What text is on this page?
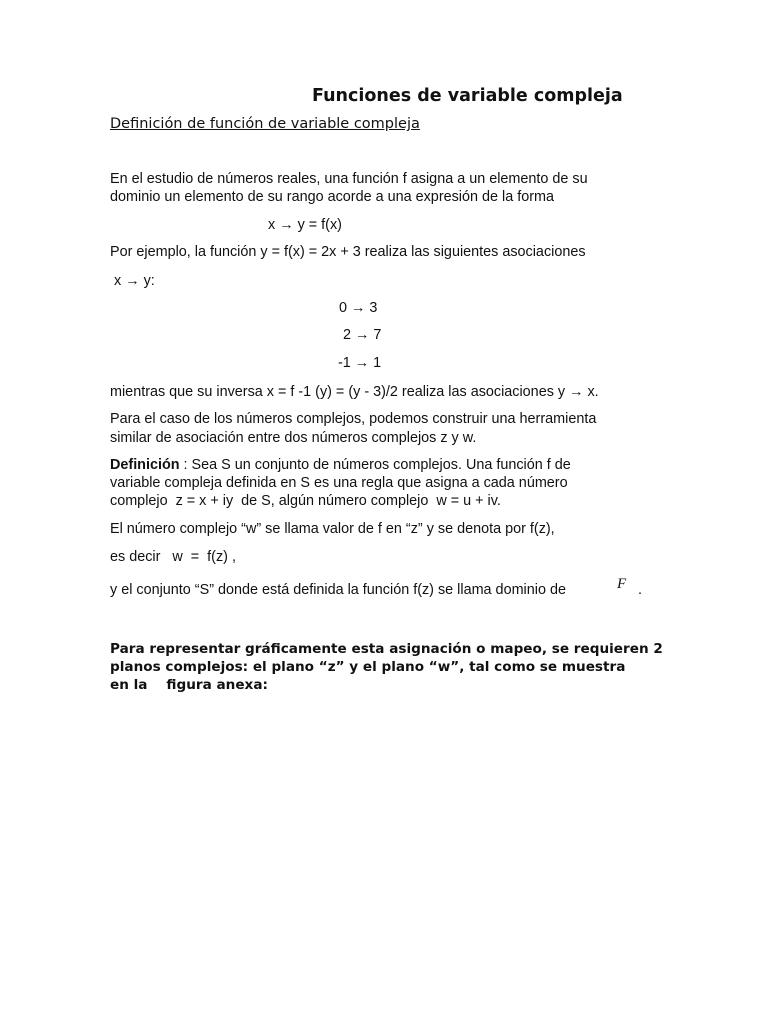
Funciones de variable compleja
Definición de función de variable compleja
En el estudio de números reales, una función f asigna a un elemento de su
dominio un elemento de su rango acorde a una expresión de la forma
x → y = f(x)
Por ejemplo, la función y = f(x) = 2x + 3 realiza las siguientes asociaciones
x → y:
0 → 3
2 → 7
-1 → 1
mientras que su inversa x = f -1 (y) = (y - 3)/2 realiza las asociaciones y → x.
Para el caso de los números complejos, podemos construir una herramienta
similar de asociación entre dos números complejos z y w.
Definición : Sea S un conjunto de números complejos. Una función f de
variable compleja definida en S es una regla que asigna a cada número
complejo  z = x + iy  de S, algún número complejo  w = u + iv.
El número complejo “w” se llama valor de f en “z” y se denota por f(z),
es decir   w  =  f(z) ,
y el conjunto “S” donde está definida la función f(z) se llama dominio de	F .
Para representar gráficamente esta asignación o mapeo, se requieren 2
planos complejos: el plano “z” y el plano “w”, tal como se muestra
en la    figura anexa:
